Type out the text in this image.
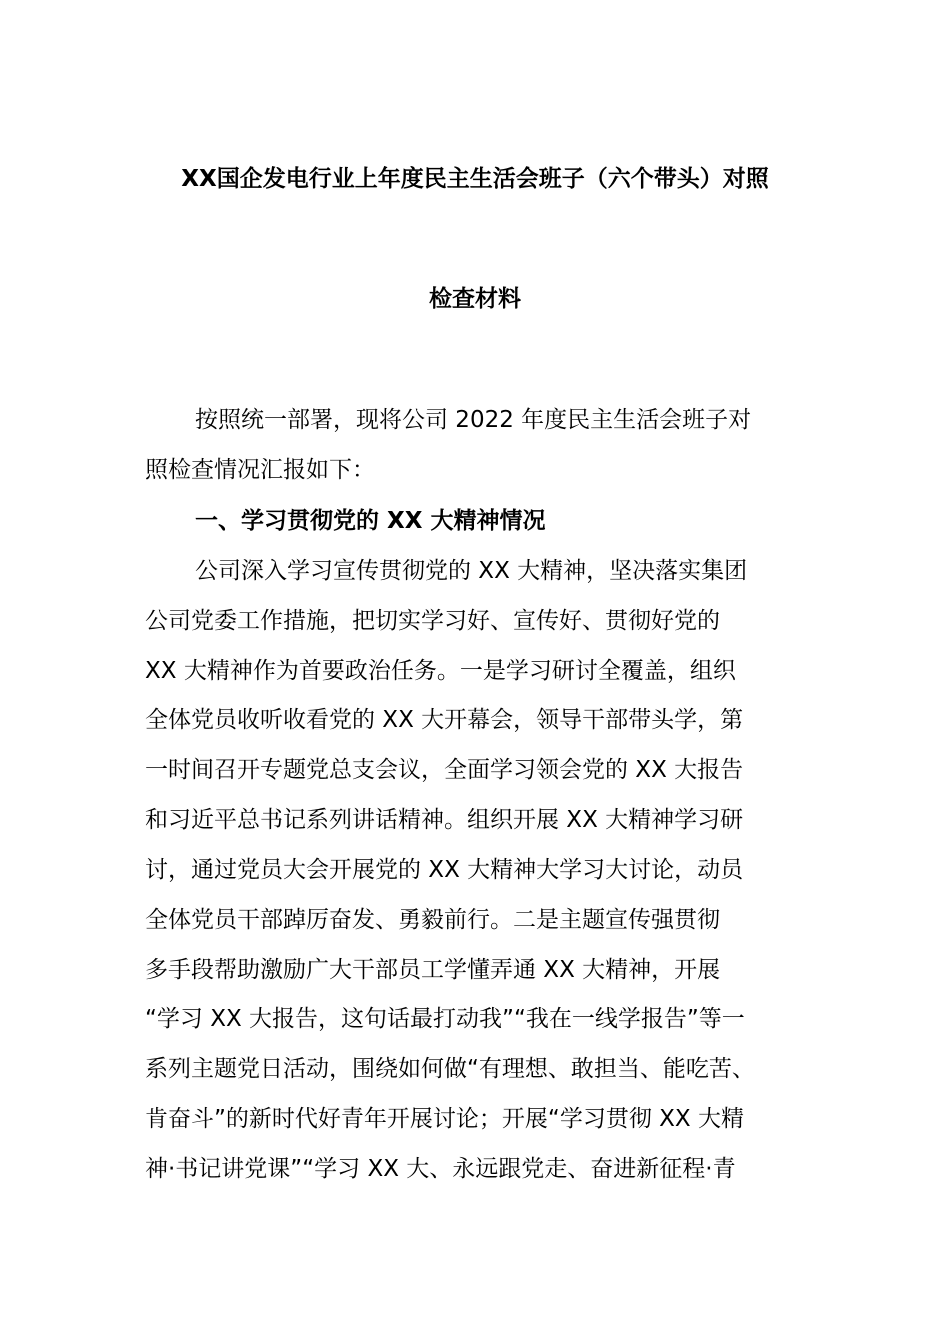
XX国企发电行业上年度民主生活会班子（六个带头）对照
检查材料
按照统一部署，现将公司 2022 年度民主生活会班子对
照检查情况汇报如下：
一、学习贯彻党的 XX 大精神情况
公司深入学习宣传贯彻党的 XX 大精神，坚决落实集团
公司党委工作措施，把切实学习好、宣传好、贯彻好党的
XX 大精神作为首要政治任务。一是学习研讨全覆盖，组织
全体党员收听收看党的 XX 大开幕会，领导干部带头学，第
一时间召开专题党总支会议，全面学习领会党的 XX 大报告
和习近平总书记系列讲话精神。组织开展 XX 大精神学习研
讨，通过党员大会开展党的 XX 大精神大学习大讨论，动员
全体党员干部踔厉奋发、勇毅前行。二是主题宣传强贯彻
多手段帮助激励广大干部员工学懂弄通 XX 大精神，开展
“学习 XX 大报告，这句话最打动我”“我在一线学报告”等一
系列主题党日活动，围绕如何做“有理想、敢担当、能吃苦、
肯奋斗”的新时代好青年开展讨论；开展“学习贯彻 XX 大精
神·书记讲党课”“学习 XX 大、永远跟党走、奋进新征程·青
